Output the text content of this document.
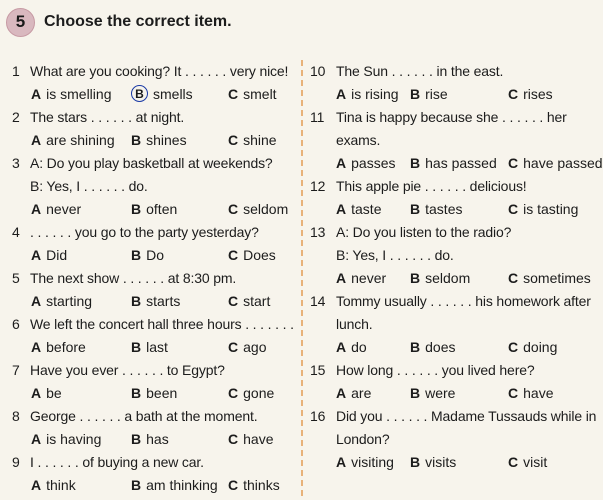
5	Choose the correct item.
1 What are you cooking? It . . . . . . very nice!
A is smelling	B smells	C smelt
2 The stars . . . . . . at night.
A are shining B shines	C shine
3 A: Do you play basketball at weekends?
B: Yes, I . . . . . . do.
A never	B often	C seldom
4 . . . . . . you go to the party yesterday?
A Did	B Do	C Does
5 The next show . . . . . . at 8:30 pm.
A starting	B starts	C start
6 We left the concert hall three hours . . . . . . .
A before	B last	C ago
7 Have you ever . . . . . . to Egypt?
A be	B been	C gone
8 George . . . . . . a bath at the moment.
A is having B has	C have
9 I . . . . . . of buying a new car.
A think	B am thinking C thinks
10 The Sun . . . . . . in the east.
A is rising B rise	C rises
11 Tina is happy because she . . . . . . her
exams.
A passes B has passed C have passed
12 This apple pie . . . . . . delicious!
A taste B tastes	C is tasting
13 A: Do you listen to the radio?
B: Yes, I . . . . . . do.
A never B seldom	C sometimes
14 Tommy usually . . . . . . his homework after
lunch.
A do	B does	C doing
15 How long . . . . . . you lived here?
A are	B were	C have
16 Did you . . . . . . Madame Tussauds while in
London?
A visiting B visits	C visit
